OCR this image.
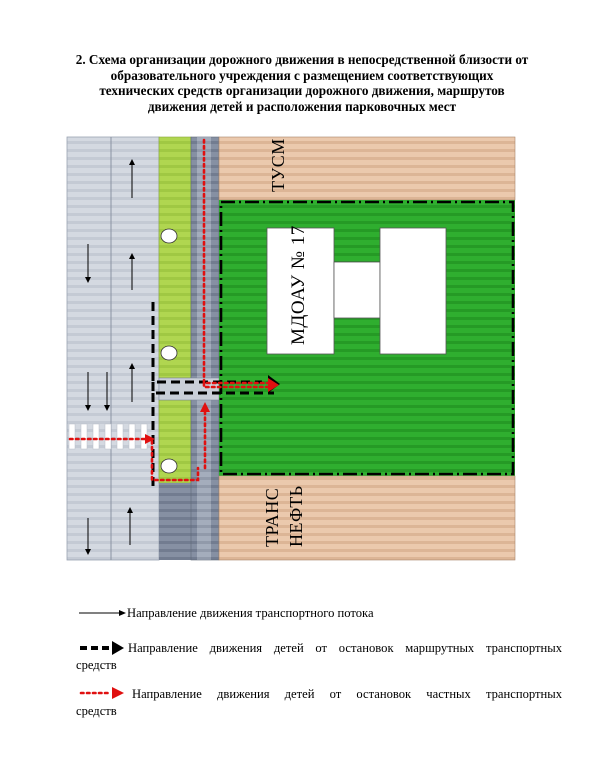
2. Схема организации дорожного движения в непосредственной близости от
образовательного учреждения с размещением соответствующих
технических средств организации дорожного движения, маршрутов
движения детей и расположения парковочных мест
ТУСМ
МДОАУ № 17
ТРАНС НЕФТЬ
Направление движения транспортного потока
Направление движения детей от остановок маршрутных транспортных
средств
Направление движения детей от остановок частных транспортных
средств
